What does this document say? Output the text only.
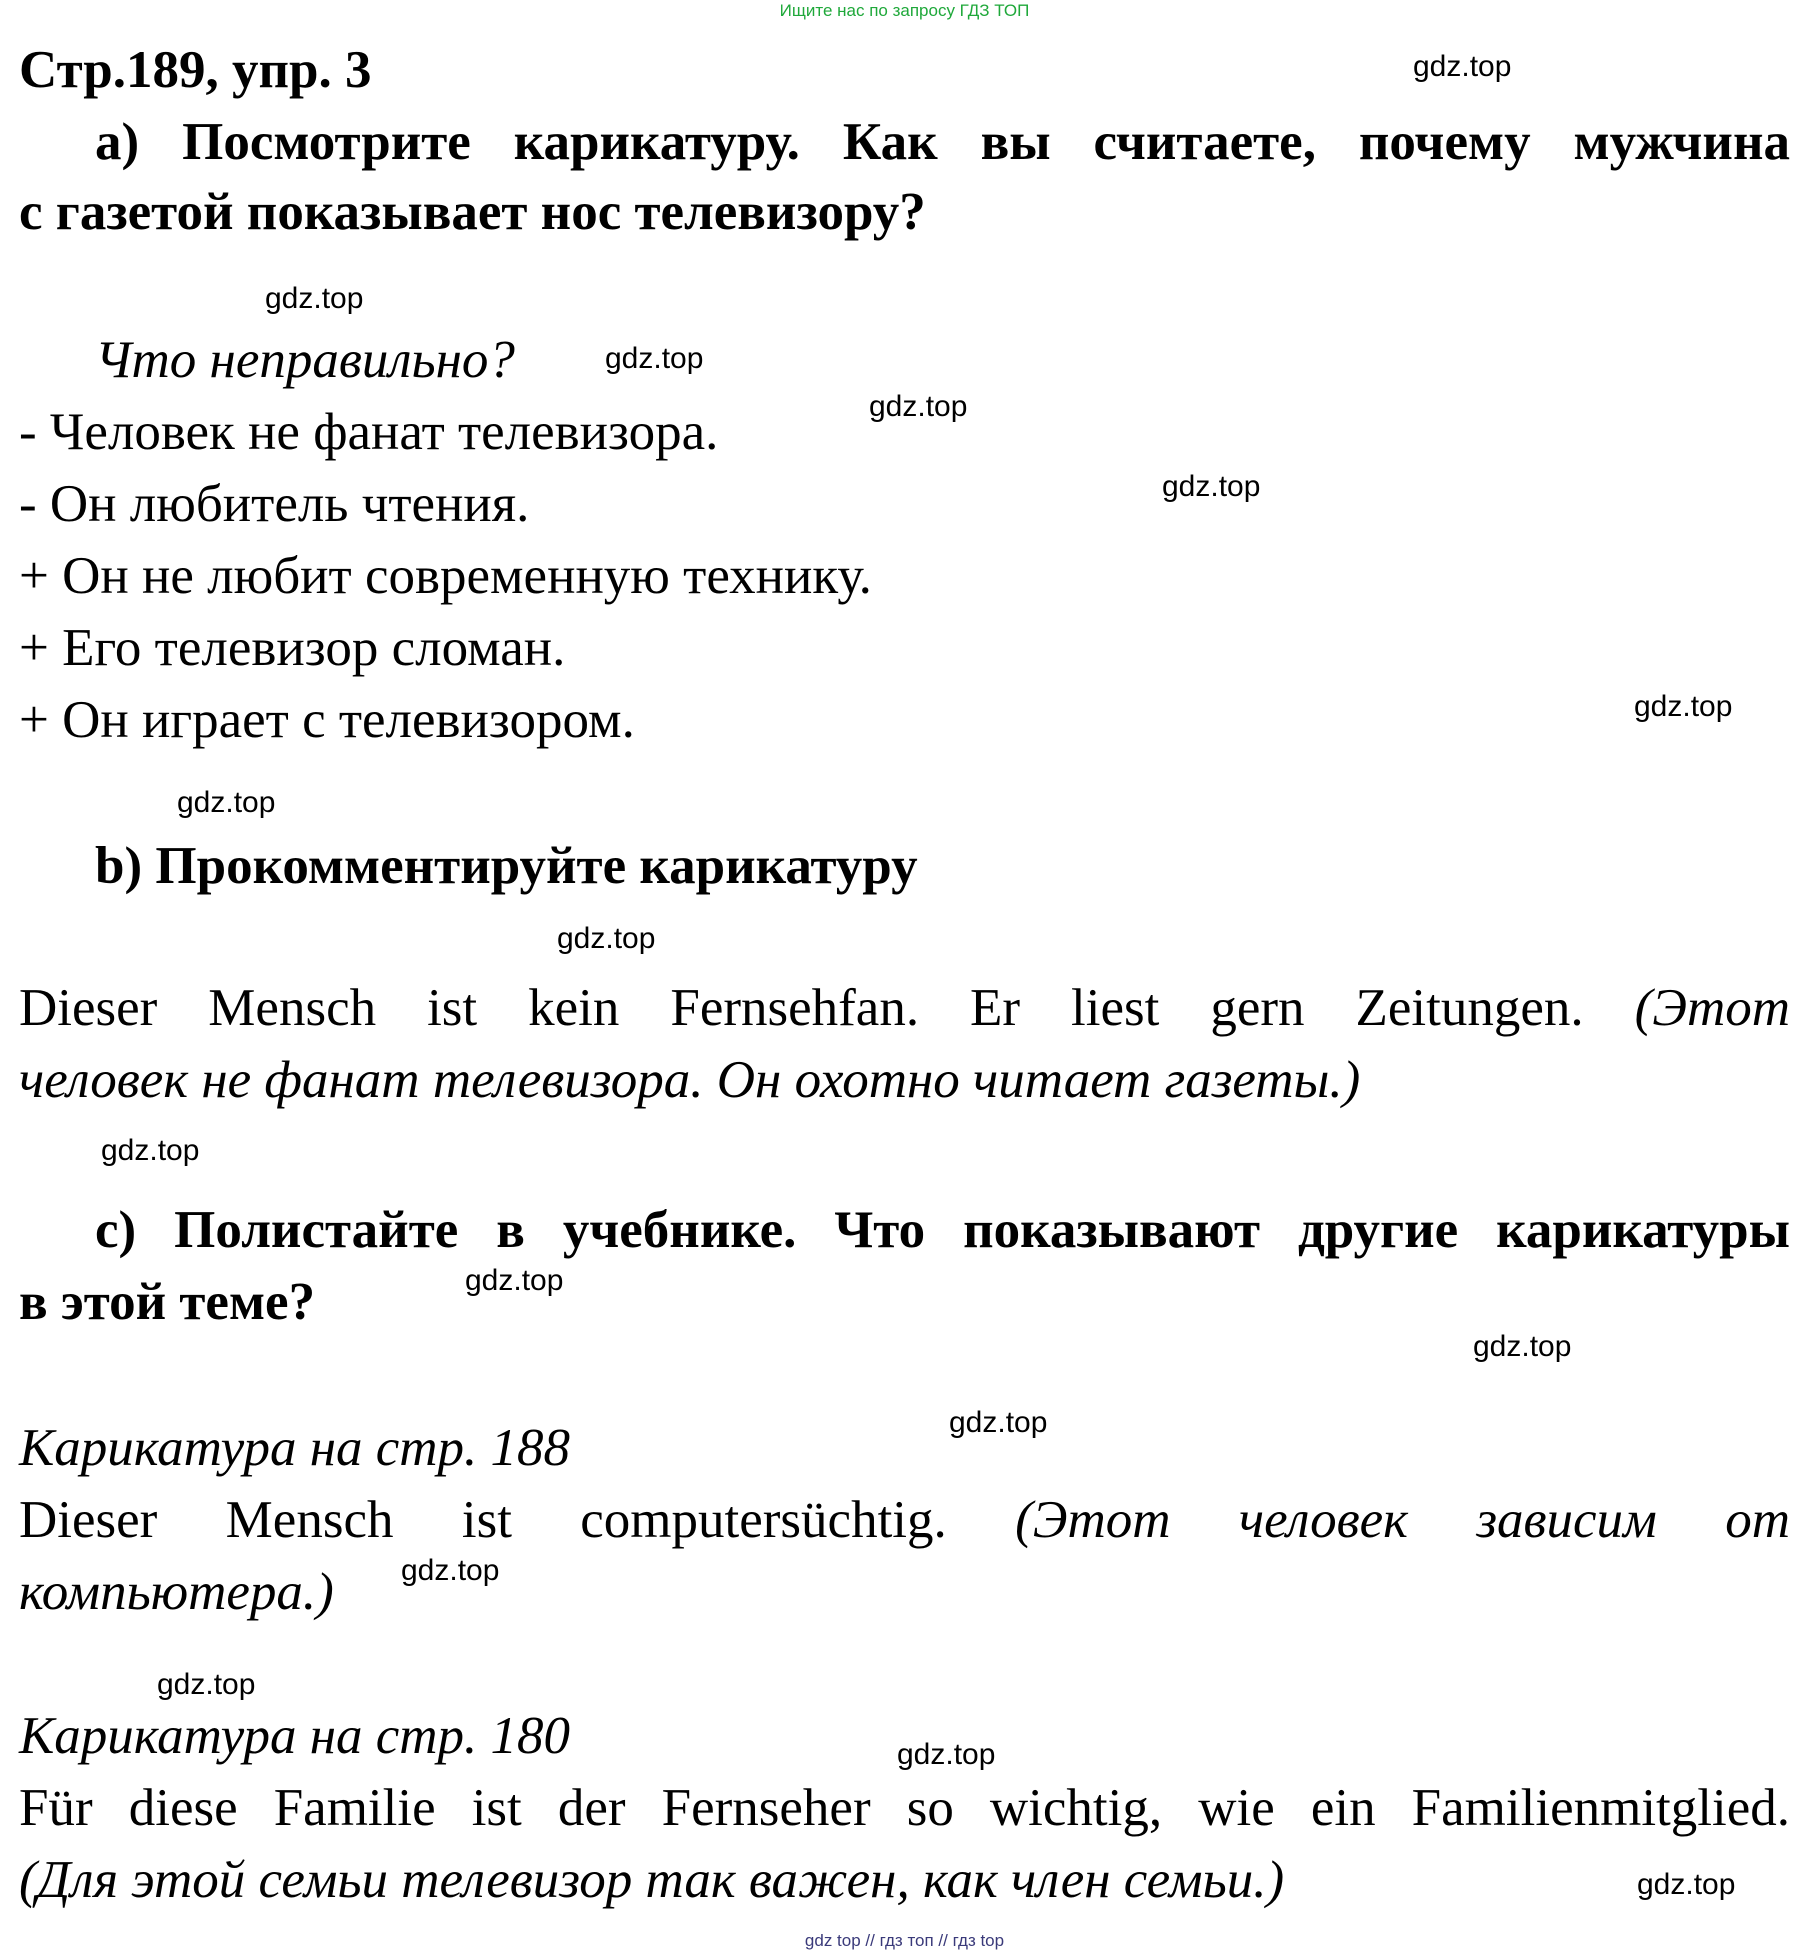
Ищите нас по запросу ГДЗ ТОП
Стр.189, упр. 3
а) Посмотрите карикатуру. Как вы считаете, почему мужчина
с газетой показывает нос телевизору?
Что неправильно?
- Человек не фанат телевизора.
- Он любитель чтения.
+ Он не любит современную технику.
+ Его телевизор сломан.
+ Он играет с телевизором.
b) Прокомментируйте карикатуру
Dieser Mensch ist kein Fernsehfan. Er liest gern Zeitungen. (Этот
человек не фанат телевизора. Он охотно читает газеты.)
с) Полистайте в учебнике. Что показывают другие карикатуры
в этой теме?
Карикатура на стр. 188
Dieser Mensch ist computersüchtig. (Этот человек зависим от
компьютера.)
Карикатура на стр. 180
Für diese Familie ist der Fernseher so wichtig, wie ein Familienmitglied.
(Для этой семьи телевизор так важен, как член семьи.)
gdz.top
gdz.top
gdz.top
gdz.top
gdz.top
gdz.top
gdz.top
gdz.top
gdz.top
gdz.top
gdz.top
gdz.top
gdz.top
gdz.top
gdz.top
gdz.top
gdz top // гдз топ // гдз top
